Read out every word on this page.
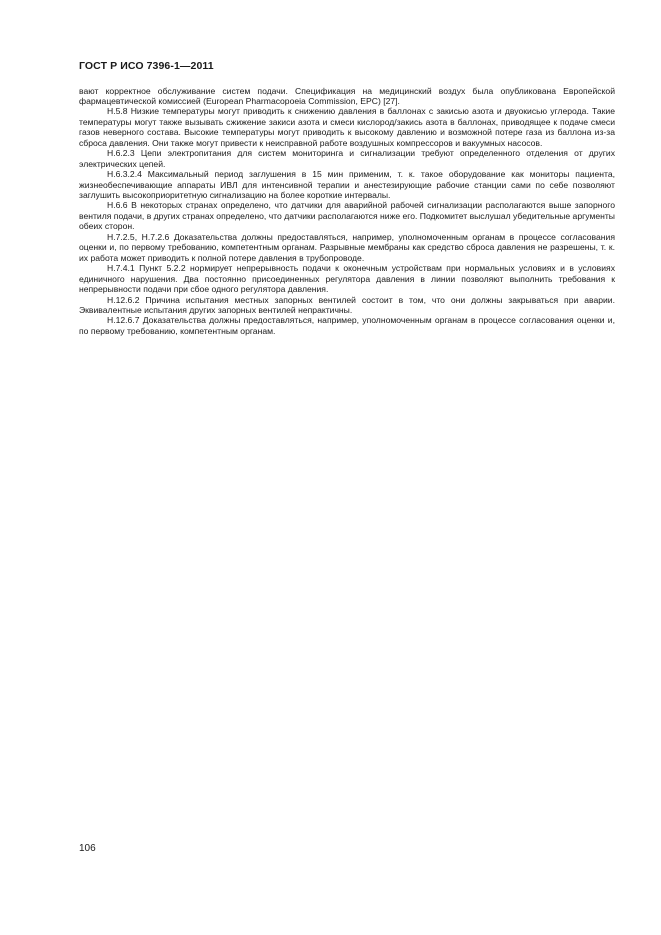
ГОСТ Р ИСО 7396-1—2011

вают корректное обслуживание систем подачи. Спецификация на медицинский воздух была опубликована Европейской фармацевтической комиссией (European Pharmacopoeia Commission, EPC) [27].

Н.5.8 Низкие температуры могут приводить к снижению давления в баллонах с закисью азота и двуокисью углерода. Такие температуры могут также вызывать сжижение закиси азота и смеси кислород/закись азота в баллонах, приводящее к подаче смеси газов неверного состава. Высокие температуры могут приводить к высокому давлению и возможной потере газа из баллона из-за сброса давления. Они также могут привести к неисправной работе воздушных компрессоров и вакуумных насосов.

Н.6.2.3 Цепи электропитания для систем мониторинга и сигнализации требуют определенного отделения от других электрических цепей.

Н.6.3.2.4 Максимальный период заглушения в 15 мин применим, т. к. такое оборудование как мониторы пациента, жизнеобеспечивающие аппараты ИВЛ для интенсивной терапии и анестезирующие рабочие станции сами по себе позволяют заглушить высокоприоритетную сигнализацию на более короткие интервалы.

Н.6.6 В некоторых странах определено, что датчики для аварийной рабочей сигнализации располагаются выше запорного вентиля подачи, в других странах определено, что датчики располагаются ниже его. Подкомитет выслушал убедительные аргументы обеих сторон.

Н.7.2.5, Н.7.2.6 Доказательства должны предоставляться, например, уполномоченным органам в процессе согласования оценки и, по первому требованию, компетентным органам. Разрывные мембраны как средство сброса давления не разрешены, т. к. их работа может приводить к полной потере давления в трубопроводе.

Н.7.4.1 Пункт 5.2.2 нормирует непрерывность подачи к оконечным устройствам при нормальных условиях и в условиях единичного нарушения. Два постоянно присоединенных регулятора давления в линии позволяют выполнить требования к непрерывности подачи при сбое одного регулятора давления.

Н.12.6.2 Причина испытания местных запорных вентилей состоит в том, что они должны закрываться при аварии. Эквивалентные испытания других запорных вентилей непрактичны.

Н.12.6.7 Доказательства должны предоставляться, например, уполномоченным органам в процессе согласования оценки и, по первому требованию, компетентным органам.

106
